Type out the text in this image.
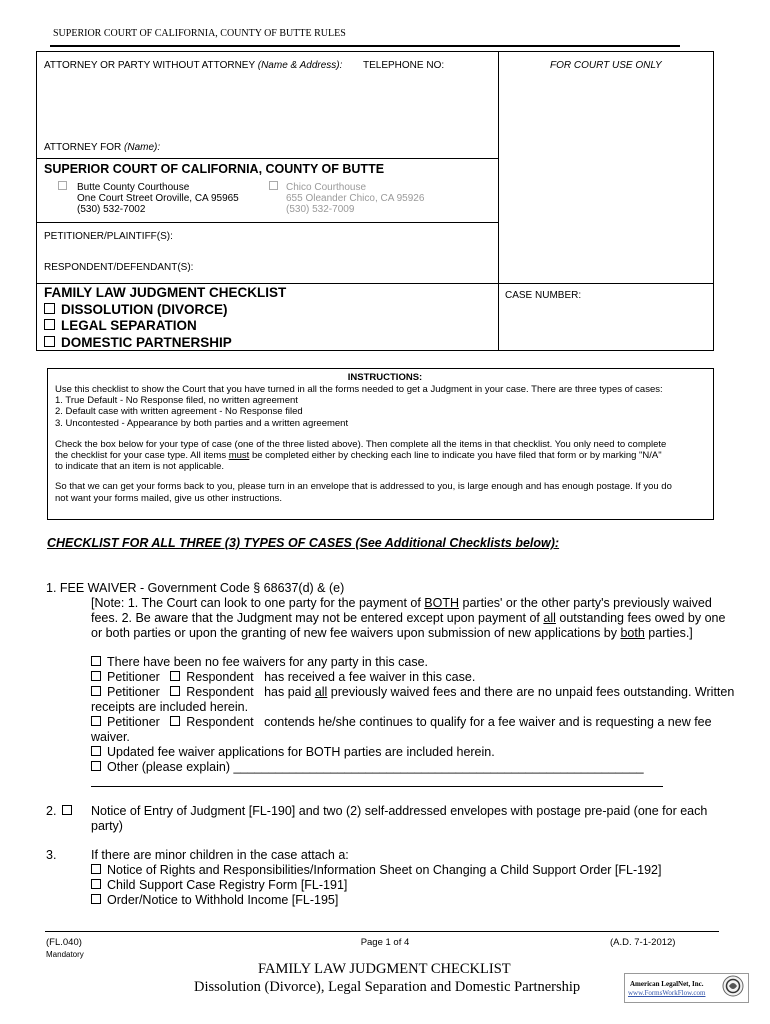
SUPERIOR COURT OF CALIFORNIA, COUNTY OF BUTTE RULES
ATTORNEY OR PARTY WITHOUT ATTORNEY (Name & Address): TELEPHONE NO:	FOR COURT USE ONLY
ATTORNEY FOR (Name):
SUPERIOR COURT OF CALIFORNIA, COUNTY OF BUTTE
Butte County Courthouse
One Court Street Oroville, CA 95965
(530) 532-7002
Chico Courthouse
655 Oleander Chico, CA 95926
(530) 532-7009
PETITIONER/PLAINTIFF(S):
RESPONDENT/DEFENDANT(S):
FAMILY LAW JUDGMENT CHECKLIST
DISSOLUTION (DIVORCE)
LEGAL SEPARATION
DOMESTIC PARTNERSHIP
CASE NUMBER:
INSTRUCTIONS:
Use this checklist to show the Court that you have turned in all the forms needed to get a Judgment in your case. There are three types of cases:
1. True Default - No Response filed, no written agreement
2. Default case with written agreement - No Response filed
3. Uncontested - Appearance by both parties and a written agreement
Check the box below for your type of case (one of the three listed above). Then complete all the items in that checklist. You only need to complete
the checklist for your case type. All items must be completed either by checking each line to indicate you have filed that form or by marking "N/A"
to indicate that an item is not applicable.
So that we can get your forms back to you, please turn in an envelope that is addressed to you, is large enough and has enough postage. If you do
not want your forms mailed, give us other instructions.
CHECKLIST FOR ALL THREE (3) TYPES OF CASES (See Additional Checklists below):
1. FEE WAIVER - Government Code § 68637(d) & (e)
[Note: 1. The Court can look to one party for the payment of BOTH parties' or the other party's previously waived
fees. 2. Be aware that the Judgment may not be entered except upon payment of all outstanding fees owed by one
or both parties or upon the granting of new fee waivers upon submission of new applications by both parties.]
There have been no fee waivers for any party in this case.
Petitioner Respondent has received a fee waiver in this case.
Petitioner Respondent has paid all previously waived fees and there are no unpaid fees outstanding. Written
receipts are included herein.
Petitioner Respondent contends he/she continues to qualify for a fee waiver and is requesting a new fee
waiver.
Updated fee waiver applications for BOTH parties are included herein.
Other (please explain) ___________________________________________________________
2.	Notice of Entry of Judgment [FL-190] and two (2) self-addressed envelopes with postage pre-paid (one for each
party)
3.	If there are minor children in the case attach a:
Notice of Rights and Responsibilities/Information Sheet on Changing a Child Support Order [FL-192]
Child Support Case Registry Form [FL-191]
Order/Notice to Withhold Income [FL-195]
(FL.040)
Mandatory
Page 1 of 4	(A.D. 7-1-2012)
FAMILY LAW JUDGMENT CHECKLIST
Dissolution (Divorce), Legal Separation and Domestic Partnership	American LegalNet, Inc.
www.FormsWorkFlow.com
